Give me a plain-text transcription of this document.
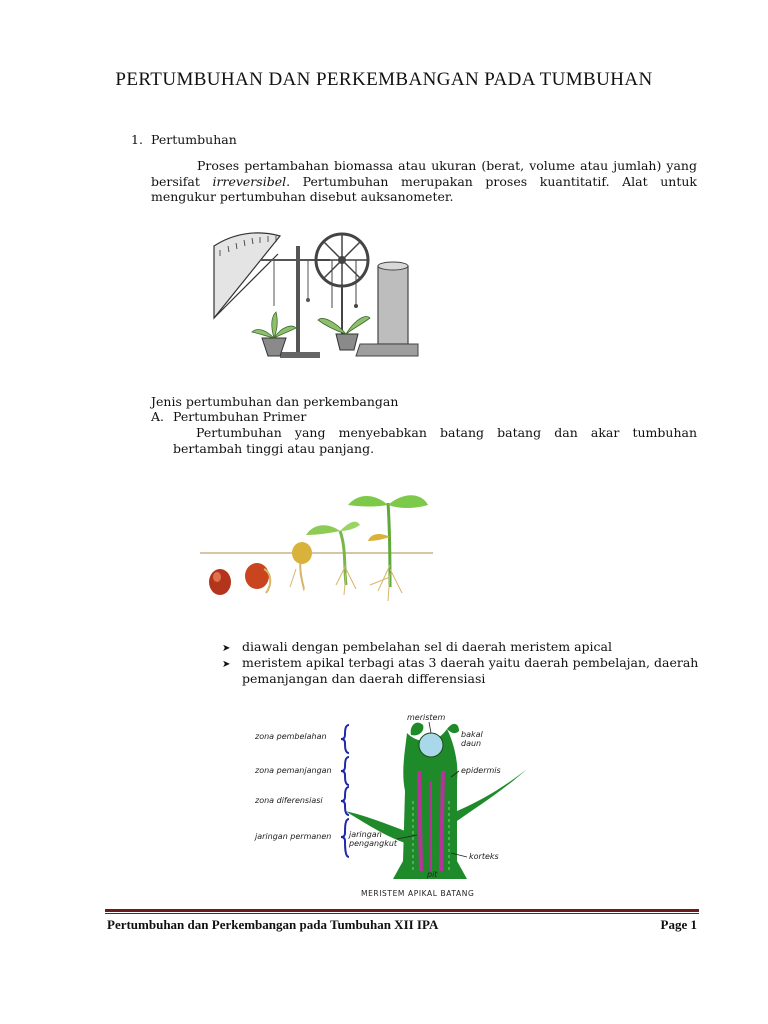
PERTUMBUHAN DAN PERKEMBANGAN PADA TUMBUHAN
1. Pertumbuhan
Proses pertambahan biomassa atau ukuran (berat, volume atau jumlah) yang bersifat irreversibel. Pertumbuhan merupakan proses kuantitatif. Alat untuk mengukur pertumbuhan disebut auksanometer.
Jenis pertumbuhan dan perkembangan
A. Pertumbuhan Primer
Pertumbuhan yang menyebabkan batang batang dan akar tumbuhan bertambah tinggi atau panjang.
➤ diawali dengan pembelahan sel di daerah meristem apical
➤ meristem apikal terbagi atas 3 daerah yaitu daerah pembelajan, daerah pemanjangan dan daerah differensiasi
zona pembelahan
zona pemanjangan
zona diferensiasi
jaringan permanen
meristem
bakal
daun
epidermis
jaringan
pengangkut
korteks
pit
MERISTEM APIKAL BATANG
Pertumbuhan dan Perkembangan pada Tumbuhan XII IPA	Page 1
